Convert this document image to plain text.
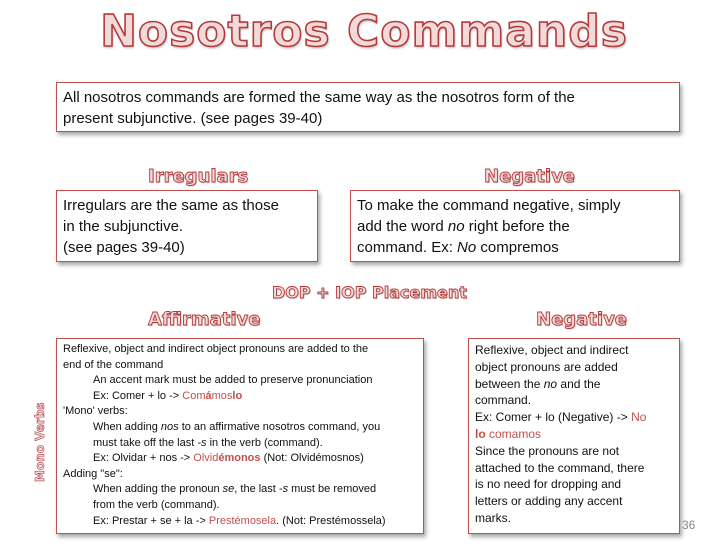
Nosotros Commands
All nosotros commands are formed the same way as the nosotros form of the
present subjunctive. (see pages 39-40)
Irregulars	Negative
Irregulars are the same as those
in the subjunctive.
(see pages 39-40)
To make the command negative, simply
add the word no right before the
command. Ex: No compremos
DOP + IOP Placement
Affirmative	Negative
Mono Verbs
Reflexive, object and indirect object pronouns are added to the
end of the command
An accent mark must be added to preserve pronunciation
Ex: Comer + lo -> Comámoslo
'Mono' verbs:
When adding nos to an affirmative nosotros command, you
must take off the last -s in the verb (command).
Ex: Olvidar + nos -> Olvidémonos (Not: Olvidémosnos)
Adding "se":
When adding the pronoun se, the last -s must be removed
from the verb (command).
Ex: Prestar + se + la -> Prestémosela. (Not: Prestémossela)
Reflexive, object and indirect
object pronouns are added
between the no and the
command.
Ex: Comer + lo (Negative) -> No
lo comamos
Since the pronouns are not
attached to the command, there
is no need for dropping and
letters or adding any accent
marks.
36
